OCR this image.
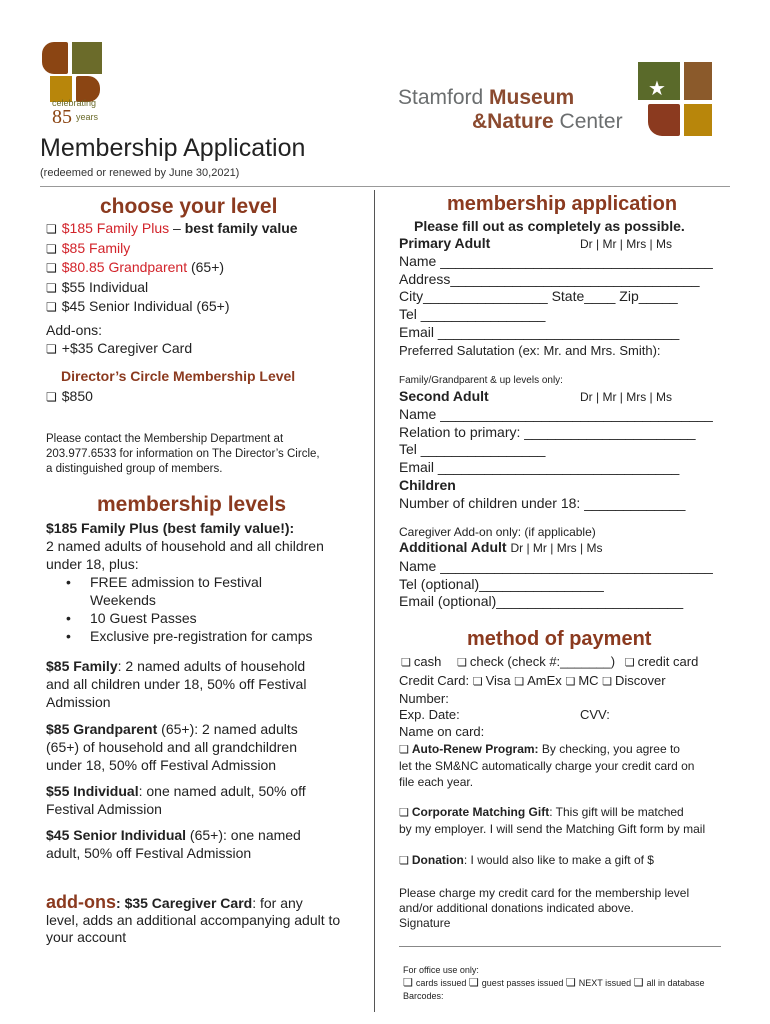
celebrating
85 years
Stamford Museum
&Nature Center
★
Membership Application
(redeemed or renewed by June 30,2021)
choose your level
❏ $185 Family Plus – best family value
❏ $85 Family
❏ $80.85 Grandparent (65+)
❏ $55 Individual
❏ $45 Senior Individual (65+)
Add-ons:
❏ +$35 Caregiver Card
Director’s Circle Membership Level
❏ $850
Please contact the Membership Department at
203.977.6533 for information on The Director’s Circle,
a distinguished group of members.
membership levels
$185 Family Plus (best family value!):
2 named adults of household and all children
under 18, plus:
• FREE admission to Festival
Weekends
• 10 Guest Passes
• Exclusive pre-registration for camps
$85 Family: 2 named adults of household
and all children under 18, 50% off Festival
Admission
$85 Grandparent (65+): 2 named adults
(65+) of household and all grandchildren
under 18, 50% off Festival Admission
$55 Individual: one named adult, 50% off
Festival Admission
$45 Senior Individual (65+): one named
adult, 50% off Festival Admission
add-ons: $35 Caregiver Card: for any
level, adds an additional accompanying adult to
your account
membership application
Please fill out as completely as possible.
Primary Adult	Dr | Mr | Mrs | Ms
Name ___________________________________
Address________________________________
City________________ State____ Zip_____
Tel ________________
Email _______________________________
Preferred Salutation (ex: Mr. and Mrs. Smith):
Family/Grandparent & up levels only:
Second Adult	Dr | Mr | Mrs | Ms
Name ___________________________________
Relation to primary: ______________________
Tel ________________
Email _______________________________
Children
Number of children under 18: _____________
Caregiver Add-on only: (if applicable)
Additional Adult Dr | Mr | Mrs | Ms
Name ___________________________________
Tel (optional)________________
Email (optional)________________________
method of payment
❏ cash ❏ check (check #:_______) ❏ credit card
Credit Card: ❏ Visa ❏ AmEx ❏ MC ❏ Discover
Number:
Exp. Date:	CVV:
Name on card:
❏ Auto-Renew Program: By checking, you agree to
let the SM&NC automatically charge your credit card on
file each year.
❏ Corporate Matching Gift: This gift will be matched
by my employer. I will send the Matching Gift form by mail
❏ Donation: I would also like to make a gift of $
Please charge my credit card for the membership level
and/or additional donations indicated above.
Signature
For office use only:
❏ cards issued ❏ guest passes issued ❏ NEXT issued ❏ all in database
Barcodes:
